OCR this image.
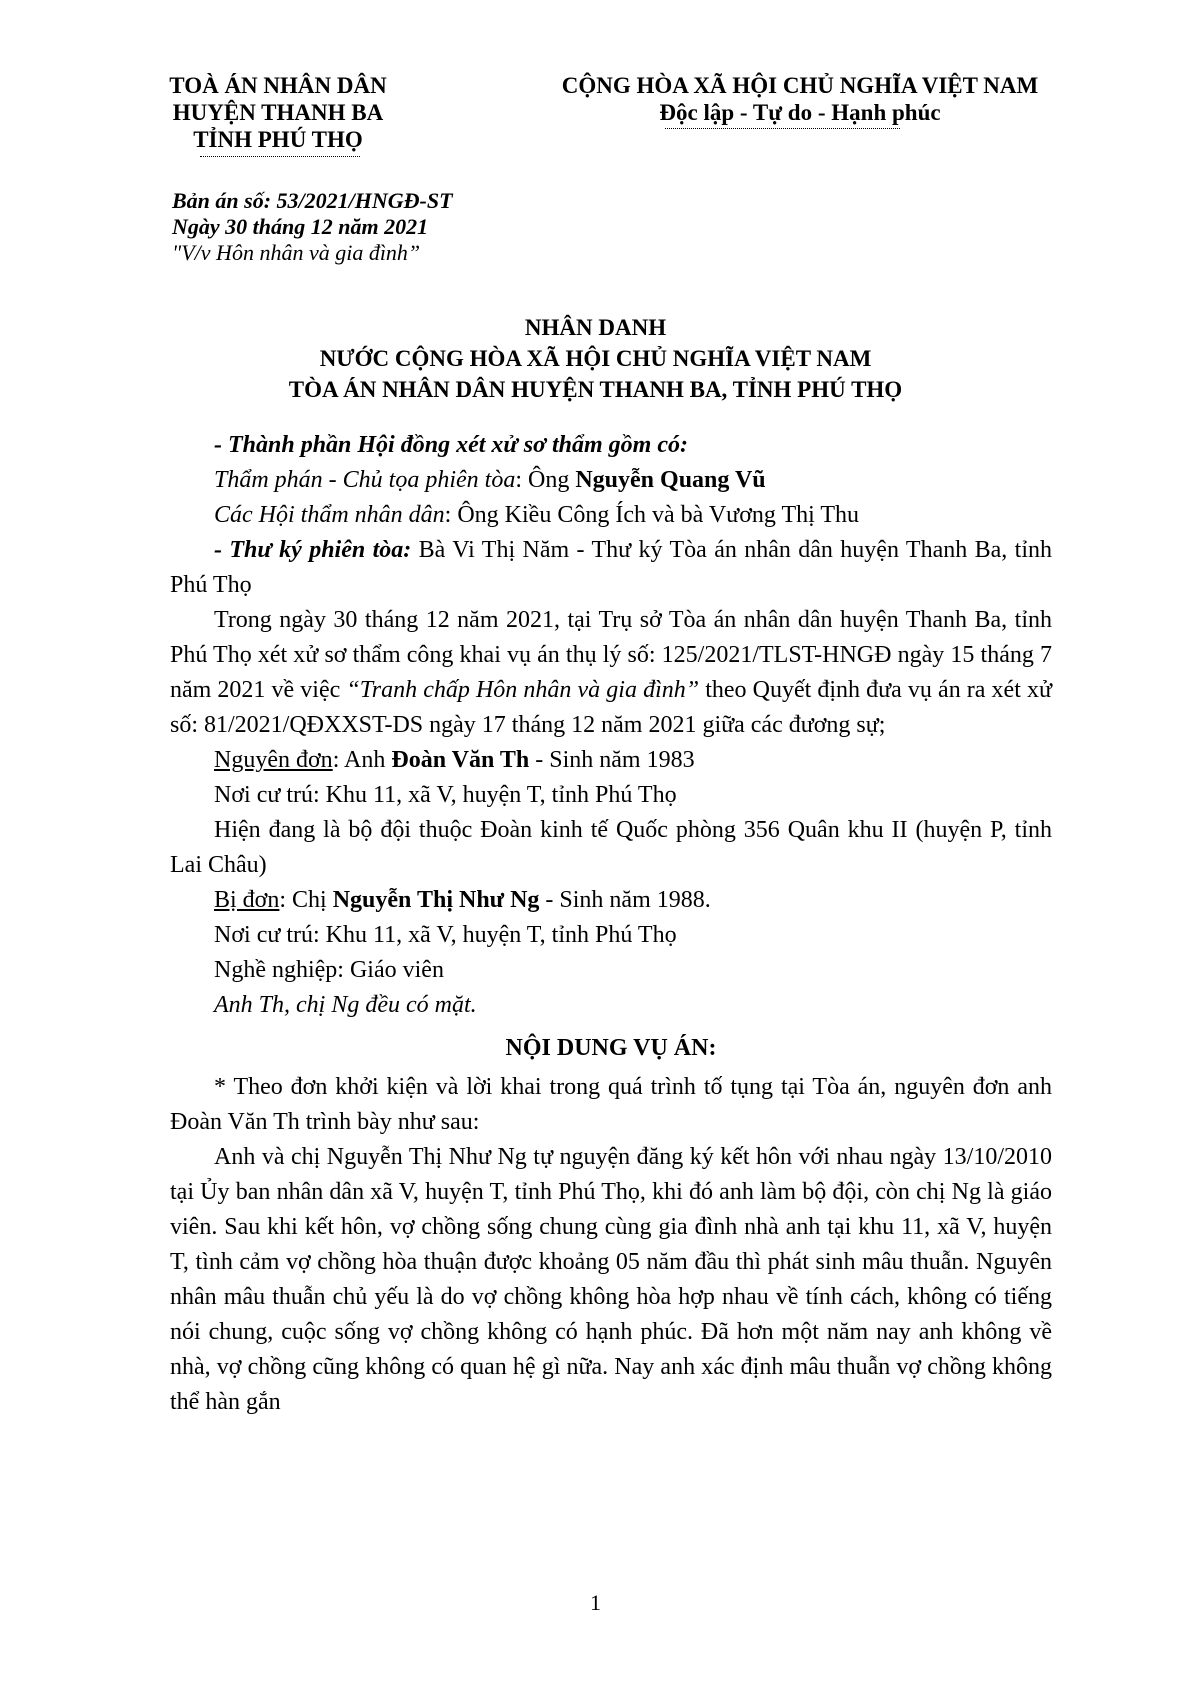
TOÀ ÁN NHÂN DÂN
HUYỆN THANH BA
TỈNH PHÚ THỌ
CỘNG HÒA XÃ HỘI CHỦ NGHĨA VIỆT NAM
Độc lập - Tự do - Hạnh phúc
Bản án số: 53/2021/HNGĐ-ST
Ngày 30 tháng 12 năm 2021
"V/v Hôn nhân và gia đình”
NHÂN DANH
NƯỚC CỘNG HÒA XÃ HỘI CHỦ NGHĨA VIỆT NAM
TÒA ÁN NHÂN DÂN HUYỆN THANH BA, TỈNH PHÚ THỌ

- Thành phần Hội đồng xét xử sơ thẩm gồm có:

Thẩm phán - Chủ tọa phiên tòa: Ông Nguyễn Quang Vũ

Các Hội thẩm nhân dân: Ông Kiều Công Ích và bà Vương Thị Thu

- Thư ký phiên tòa: Bà Vi Thị Năm - Thư ký Tòa án nhân dân huyện Thanh Ba, tỉnh Phú Thọ

Trong ngày 30 tháng 12 năm 2021, tại Trụ sở Tòa án nhân dân huyện Thanh Ba, tỉnh Phú Thọ xét xử sơ thẩm công khai vụ án thụ lý số: 125/2021/TLST-HNGĐ ngày 15 tháng 7 năm 2021 về việc “Tranh chấp Hôn nhân và gia đình” theo Quyết định đưa vụ án ra xét xử số: 81/2021/QĐXXST-DS ngày 17 tháng 12 năm 2021 giữa các đương sự;

Nguyên đơn: Anh Đoàn Văn Th - Sinh năm 1983

Nơi cư trú: Khu 11, xã V, huyện T, tỉnh Phú Thọ

Hiện đang là bộ đội thuộc Đoàn kinh tế Quốc phòng 356 Quân khu II (huyện P, tỉnh Lai Châu)

Bị đơn: Chị Nguyễn Thị Như Ng - Sinh năm 1988.

Nơi cư trú: Khu 11, xã V, huyện T, tỉnh Phú Thọ

Nghề nghiệp: Giáo viên

Anh Th, chị Ng đều có mặt.

NỘI DUNG VỤ ÁN:

* Theo đơn khởi kiện và lời khai trong quá trình tố tụng tại Tòa án, nguyên đơn anh Đoàn Văn Th trình bày như sau:

Anh và chị Nguyễn Thị Như Ng tự nguyện đăng ký kết hôn với nhau ngày 13/10/2010 tại Ủy ban nhân dân xã V, huyện T, tỉnh Phú Thọ, khi đó anh làm bộ đội, còn chị Ng là giáo viên. Sau khi kết hôn, vợ chồng sống chung cùng gia đình nhà anh tại khu 11, xã V, huyện T, tình cảm vợ chồng hòa thuận được khoảng 05 năm đầu thì phát sinh mâu thuẫn. Nguyên nhân mâu thuẫn chủ yếu là do vợ chồng không hòa hợp nhau về tính cách, không có tiếng nói chung, cuộc sống vợ chồng không có hạnh phúc. Đã hơn một năm nay anh không về nhà, vợ chồng cũng không có quan hệ gì nữa. Nay anh xác định mâu thuẫn vợ chồng không thể hàn gắn

1
